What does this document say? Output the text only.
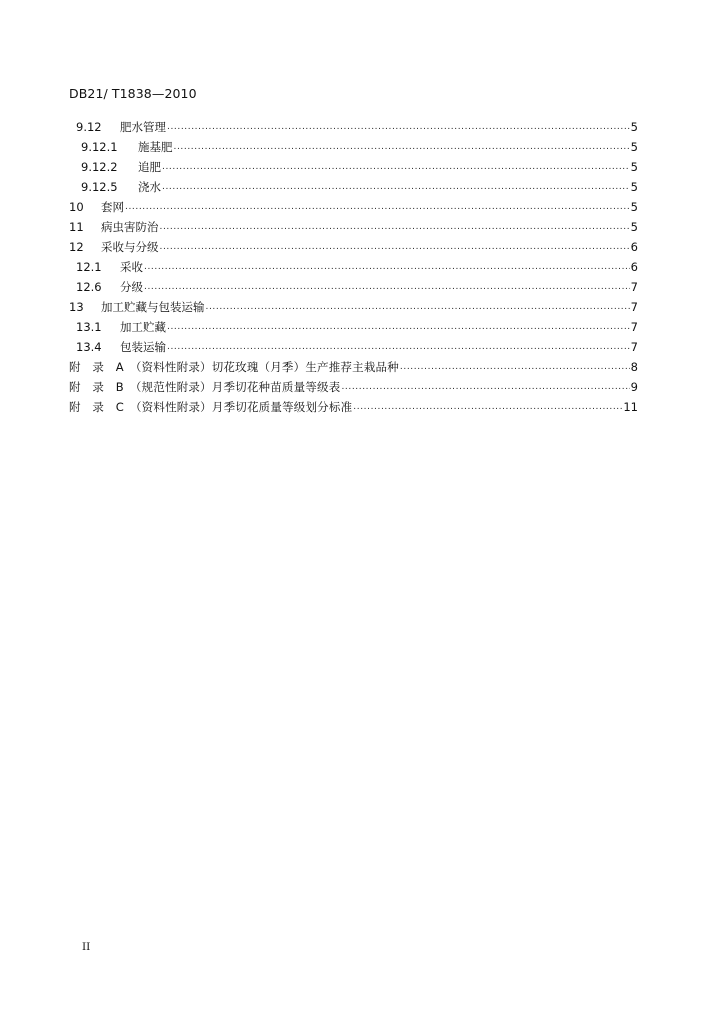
DB21/ T1838—2010
9.12	肥水管理 .....	5
9.12.1	施基肥 .....	5
9.12.2	追肥 .....	5
9.12.5	浇水 .....	5
10	套网 .....	5
11	病虫害防治 .....	5
12	采收与分级 .....	6
12.1	采收 .....	6
12.6	分级 .....	7
13	加工贮藏与包装运输 .....	7
13.1	加工贮藏 .....	7
13.4	包装运输 .....	7
附　录　A　（资料性附录）切花玫瑰（月季）生产推荐主栽品种 .....	8
附　录　B　（规范性附录）月季切花种苗质量等级表 .....	9
附　录　C　（资料性附录）月季切花质量等级划分标准 .....	11
II
